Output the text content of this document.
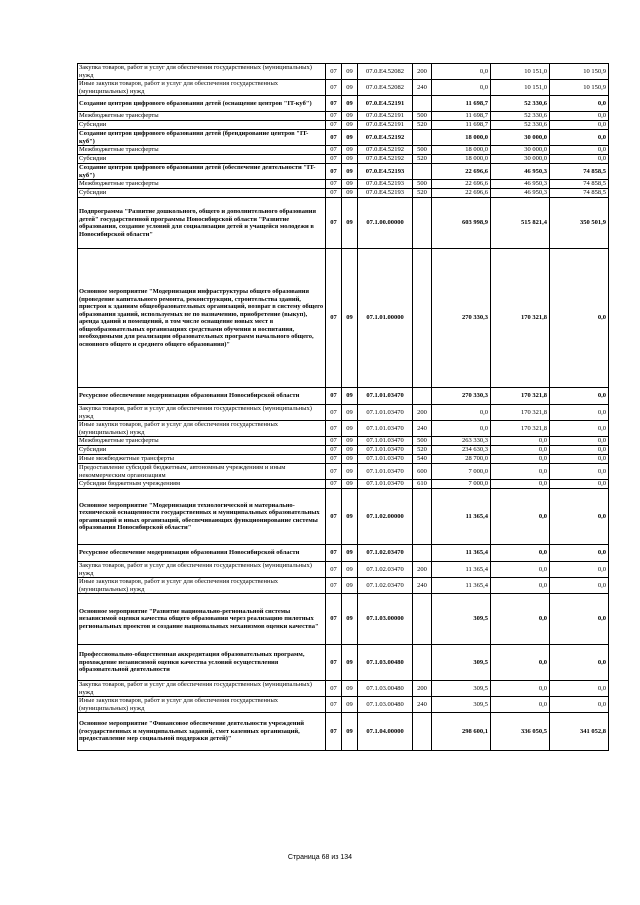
Закупка товаров, работ и услуг для обеспечения государственных (муниципальных) нужд	07	09	07.0.E4.52082	200	0,0	10 151,0	10 150,9
Иные закупки товаров, работ и услуг для обеспечения государственных (муниципальных) нужд	07	09	07.0.E4.52082	240	0,0	10 151,0	10 150,9
Создание центров цифрового образования детей (оснащение центров "IT-куб")	07	09	07.0.E4.52191		11 698,7	52 330,6	0,0
Межбюджетные трансферты	07	09	07.0.E4.52191	500	11 698,7	52 330,6	0,0
Субсидии	07	09	07.0.E4.52191	520	11 698,7	52 330,6	0,0
Создание центров цифрового образования детей (брендирование центров "IT-куб")	07	09	07.0.E4.52192		18 000,0	30 000,0	0,0
Межбюджетные трансферты	07	09	07.0.E4.52192	500	18 000,0	30 000,0	0,0
Субсидии	07	09	07.0.E4.52192	520	18 000,0	30 000,0	0,0
Создание центров цифрового образования детей (обеспечение деятельности "IT-куб")	07	09	07.0.E4.52193		22 696,6	46 950,3	74 858,5
Межбюджетные трансферты	07	09	07.0.E4.52193	500	22 696,6	46 950,3	74 858,5
Субсидии	07	09	07.0.E4.52193	520	22 696,6	46 950,3	74 858,5
Подпрограмма "Развитие дошкольного, общего и дополнительного образования детей" государственной программы Новосибирской области "Развитие образования, создание условий для социализации детей и учащейся молодежи в Новосибирской области"	07	09	07.1.00.00000		603 998,9	515 821,4	350 501,9
Основное мероприятие "Модернизация инфраструктуры общего образования (проведение капитального ремонта, реконструкции, строительства зданий, пристроя к зданиям общеобразовательных организаций, возврат в систему общего образования зданий, используемых не по назначению, приобретение (выкуп), аренда зданий и помещений, в том числе оснащение новых мест в общеобразовательных организациях средствами обучения и воспитания, необходимыми для реализации образовательных программ начального общего, основного общего и среднего общего образования)"	07	09	07.1.01.00000		270 330,3	170 321,8	0,0
Ресурсное обеспечение модернизации образования Новосибирской области	07	09	07.1.01.03470		270 330,3	170 321,8	0,0
Закупка товаров, работ и услуг для обеспечения государственных (муниципальных) нужд	07	09	07.1.01.03470	200	0,0	170 321,8	0,0
Иные закупки товаров, работ и услуг для обеспечения государственных (муниципальных) нужд	07	09	07.1.01.03470	240	0,0	170 321,8	0,0
Межбюджетные трансферты	07	09	07.1.01.03470	500	263 330,3	0,0	0,0
Субсидии	07	09	07.1.01.03470	520	234 630,3	0,0	0,0
Иные межбюджетные трансферты	07	09	07.1.01.03470	540	28 700,0	0,0	0,0
Предоставление субсидий бюджетным, автономным учреждениям и иным некоммерческим организациям	07	09	07.1.01.03470	600	7 000,0	0,0	0,0
Субсидии бюджетным учреждениям	07	09	07.1.01.03470	610	7 000,0	0,0	0,0
Основное мероприятие "Модернизация технологической и материально-технической оснащенности государственных и муниципальных образовательных организаций и иных организаций, обеспечивающих функционирование системы образования Новосибирской области"	07	09	07.1.02.00000		11 365,4	0,0	0,0
Ресурсное обеспечение модернизации образования Новосибирской области	07	09	07.1.02.03470		11 365,4	0,0	0,0
Закупка товаров, работ и услуг для обеспечения государственных (муниципальных) нужд	07	09	07.1.02.03470	200	11 365,4	0,0	0,0
Иные закупки товаров, работ и услуг для обеспечения государственных (муниципальных) нужд	07	09	07.1.02.03470	240	11 365,4	0,0	0,0
Основное мероприятие "Развитие национально-региональной системы независимой оценки качества общего образования через реализацию пилотных региональных проектов и создание национальных механизмов оценки качества"	07	09	07.1.03.00000		309,5	0,0	0,0
Профессионально-общественная аккредитация образовательных программ, прохождение независимой оценки качества условий осуществления образовательной деятельности	07	09	07.1.03.00480		309,5	0,0	0,0
Закупка товаров, работ и услуг для обеспечения государственных (муниципальных) нужд	07	09	07.1.03.00480	200	309,5	0,0	0,0
Иные закупки товаров, работ и услуг для обеспечения государственных (муниципальных) нужд	07	09	07.1.03.00480	240	309,5	0,0	0,0
Основное мероприятие "Финансовое обеспечение деятельности учреждений (государственных и муниципальных заданий, смет казенных организаций, предоставление мер социальной поддержки детей)"	07	09	07.1.04.00000		298 600,1	336 050,5	341 052,8
Страница 68 из 134
